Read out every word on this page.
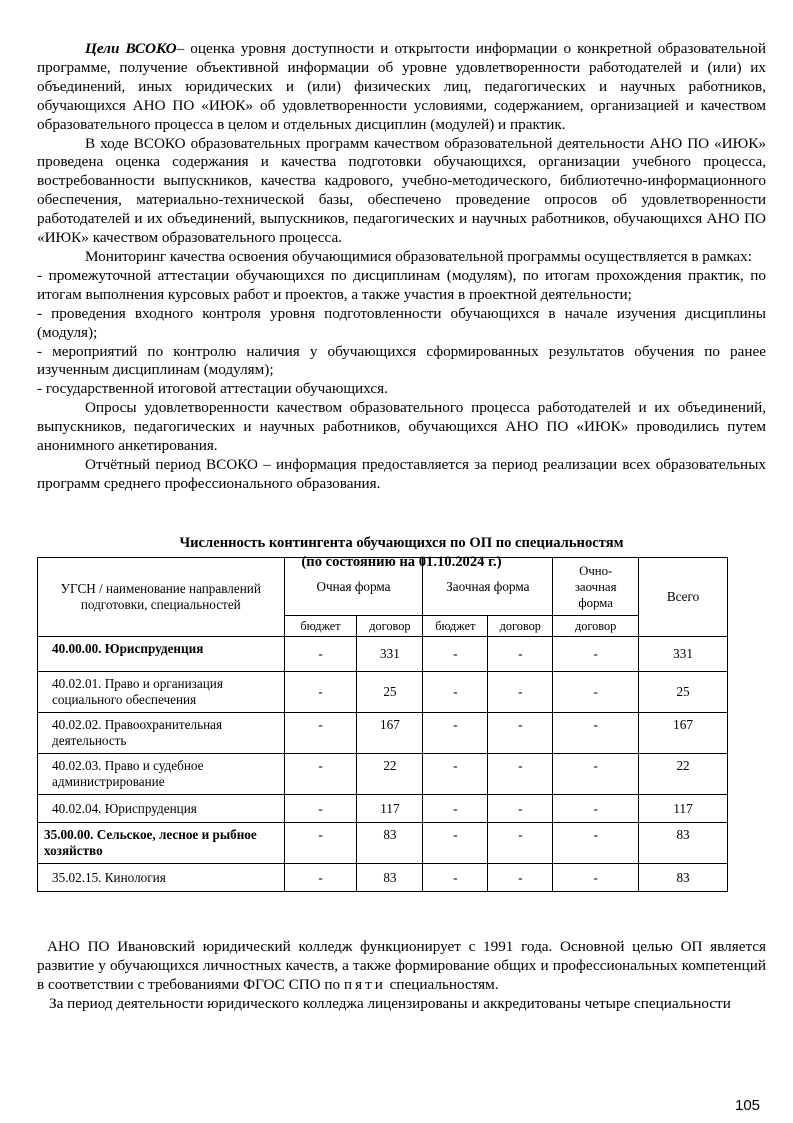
Цели ВСОКО– оценка уровня доступности и открытости информации о конкретной образовательной программе, получение объективной информации об уровне удовлетворенности работодателей и (или) их объединений, иных юридических и (или) физических лиц, педагогических и научных работников, обучающихся АНО ПО «ИЮК» об удовлетворенности условиями, содержанием, организацией и качеством образовательного процесса в целом и отдельных дисциплин (модулей) и практик.

В ходе ВСОКО образовательных программ качеством образовательной деятельности АНО ПО «ИЮК» проведена оценка содержания и качества подготовки обучающихся, организации учебного процесса, востребованности выпускников, качества кадрового, учебно-методического, библиотечно-информационного обеспечения, материально-технической базы, обеспечено проведение опросов об удовлетворенности работодателей и их объединений, выпускников, педагогических и научных работников, обучающихся АНО ПО «ИЮК» качеством образовательного процесса.

Мониторинг качества освоения обучающимися образовательной программы осуществляется в рамках:

- промежуточной аттестации обучающихся по дисциплинам (модулям), по итогам прохождения практик, по итогам выполнения курсовых работ и проектов, а также участия в проектной деятельности;

- проведения входного контроля уровня подготовленности обучающихся в начале изучения дисциплины (модуля);

- мероприятий по контролю наличия у обучающихся сформированных результатов обучения по ранее изученным дисциплинам (модулям);

- государственной итоговой аттестации обучающихся.

Опросы удовлетворенности качеством образовательного процесса работодателей и их объединений, выпускников, педагогических и научных работников, обучающихся АНО ПО «ИЮК» проводились путем анонимного анкетирования.

Отчётный период ВСОКО – информация предоставляется за период реализации всех образовательных программ среднего профессионального образования.

Численность контингента обучающихся по ОП по специальностям

(по состоянию на 01.10.2024 г.)

УГСН / наименование направлений подготовки, специальностей	Очная форма		Заочная форма		Очно-заочная форма	Всего
	бюджет	договор	бюджет	договор	договор	
40.00.00. Юриспруденция	-	331	-	-	-	331
40.02.01. Право и организация социального обеспечения	-	25	-	-	-	25
40.02.02. Правоохранительная деятельность	-	167	-	-	-	167
40.02.03. Право и судебное администрирование	-	22	-	-	-	22
40.02.04. Юриспруденция	-	117	-	-	-	117
35.00.00. Сельское, лесное и рыбное хозяйство	-	83	-	-	-	83
35.02.15. Кинология	-	83	-	-	-	83

АНО ПО Ивановский юридический колледж функционирует с 1991 года. Основной целью ОП является развитие у обучающихся личностных качеств, а также формирование общих и профессиональных компетенций в соответствии с требованиями ФГОС СПО по пяти специальностям.

За период деятельности юридического колледжа лицензированы и аккредитованы четыре специальности

105
